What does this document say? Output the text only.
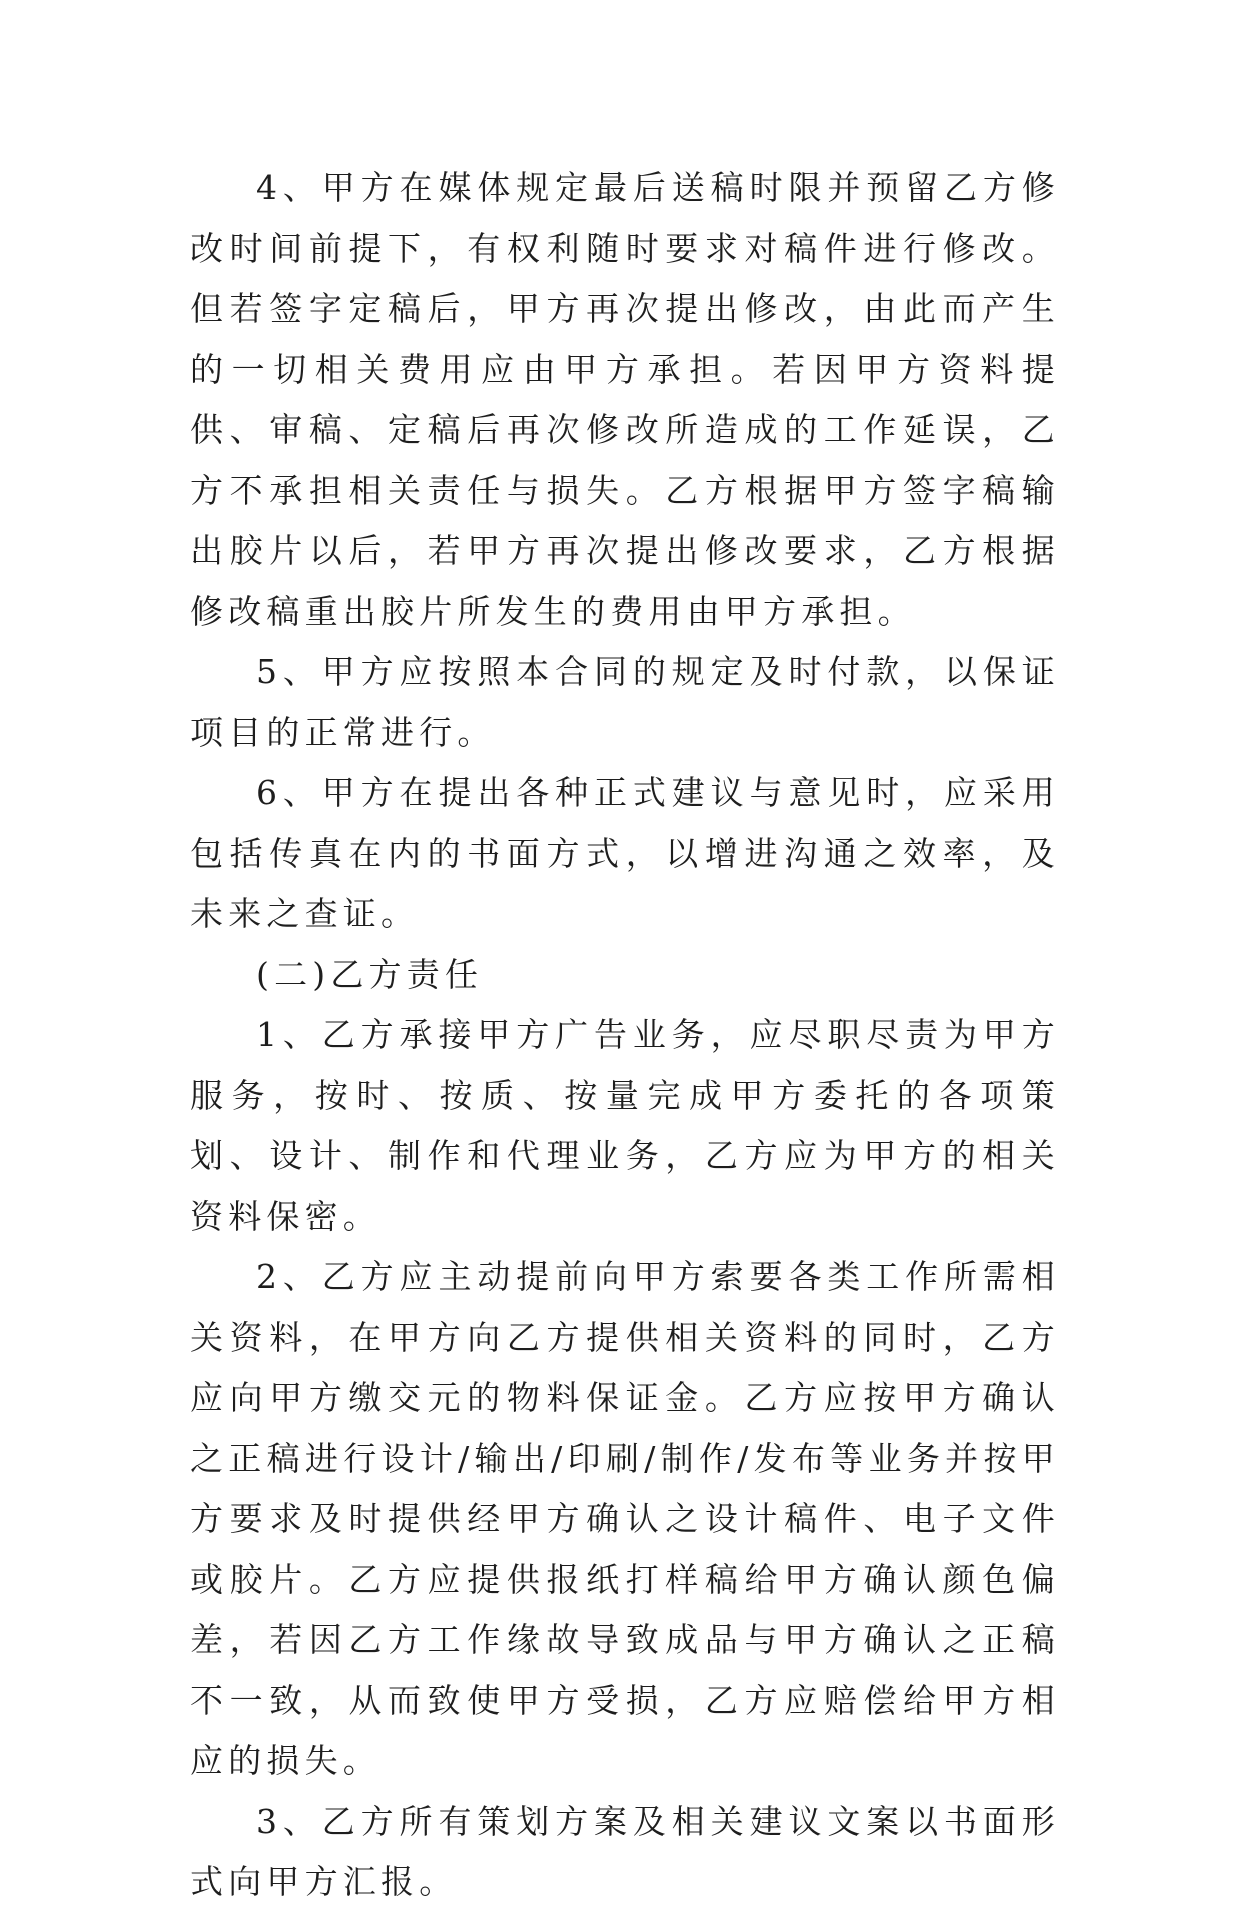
4、甲方在媒体规定最后送稿时限并预留乙方修改时间前提下，有权利随时要求对稿件进行修改。但若签字定稿后，甲方再次提出修改，由此而产生的一切相关费用应由甲方承担。若因甲方资料提供、审稿、定稿后再次修改所造成的工作延误，乙方不承担相关责任与损失。乙方根据甲方签字稿输出胶片以后，若甲方再次提出修改要求，乙方根据修改稿重出胶片所发生的费用由甲方承担。

5、甲方应按照本合同的规定及时付款，以保证项目的正常进行。

6、甲方在提出各种正式建议与意见时，应采用包括传真在内的书面方式，以增进沟通之效率，及未来之查证。

(二)乙方责任

1、乙方承接甲方广告业务，应尽职尽责为甲方服务，按时、按质、按量完成甲方委托的各项策划、设计、制作和代理业务，乙方应为甲方的相关资料保密。

2、乙方应主动提前向甲方索要各类工作所需相关资料，在甲方向乙方提供相关资料的同时，乙方应向甲方缴交元的物料保证金。乙方应按甲方确认之正稿进行设计/输出/印刷/制作/发布等业务并按甲方要求及时提供经甲方确认之设计稿件、电子文件或胶片。乙方应提供报纸打样稿给甲方确认颜色偏差，若因乙方工作缘故导致成品与甲方确认之正稿不一致，从而致使甲方受损，乙方应赔偿给甲方相应的损失。

3、乙方所有策划方案及相关建议文案以书面形式向甲方汇报。
